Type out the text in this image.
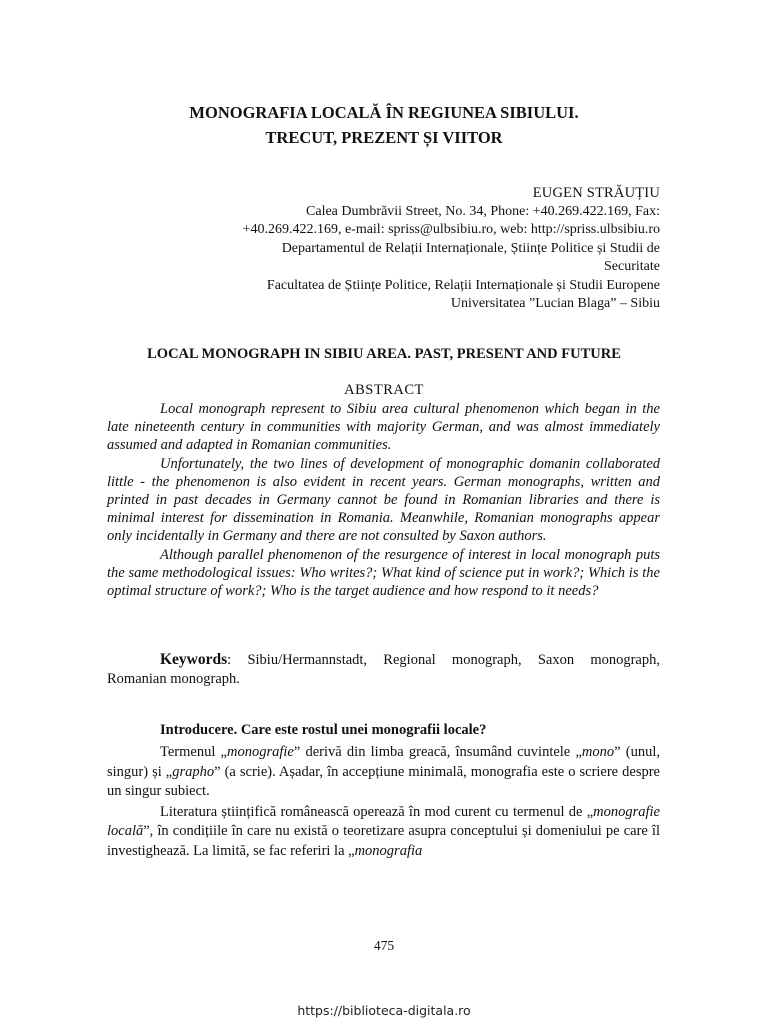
MONOGRAFIA LOCALĂ ÎN REGIUNEA SIBIULUI.
TRECUT, PREZENT ȘI VIITOR
EUGEN STRĂUȚIU
Calea Dumbrăvii Street, No. 34, Phone: +40.269.422.169, Fax:
+40.269.422.169, e-mail: spriss@ulbsibiu.ro, web: http://spriss.ulbsibiu.ro
Departamentul de Relații Internaționale, Științe Politice și Studii de
Securitate
Facultatea de Științe Politice, Relații Internaționale și Studii Europene
Universitatea ”Lucian Blaga” – Sibiu
LOCAL MONOGRAPH IN SIBIU AREA. PAST, PRESENT AND FUTURE
ABSTRACT

Local monograph represent to Sibiu area cultural phenomenon which began in the late nineteenth century in communities with majority German, and was almost immediately assumed and adapted in Romanian communities.

Unfortunately, the two lines of development of monographic domanin collaborated little - the phenomenon is also evident in recent years. German monographs, written and printed in past decades in Germany cannot be found in Romanian libraries and there is minimal interest for dissemination in Romania. Meanwhile, Romanian monographs appear only incidentally in Germany and there are not consulted by Saxon authors.

Although parallel phenomenon of the resurgence of interest in local monograph puts the same methodological issues: Who writes?; What kind of science put in work?; Which is the optimal structure of work?; Who is the target audience and how respond to it needs?

Keywords: Sibiu/Hermannstadt, Regional monograph, Saxon monograph, Romanian monograph.

Introducere. Care este rostul unei monografii locale?

Termenul „monografie” derivă din limba greacă, însumând cuvintele „mono” (unul, singur) și „grapho” (a scrie). Așadar, în accepțiune minimală, monografia este o scriere despre un singur subiect.

Literatura științifică românească operează în mod curent cu termenul de „monografie locală”, în condițiile în care nu există o teoretizare asupra conceptului și domeniului pe care îl investighează. La limită, se fac referiri la „monografia

475
https://biblioteca-digitala.ro
